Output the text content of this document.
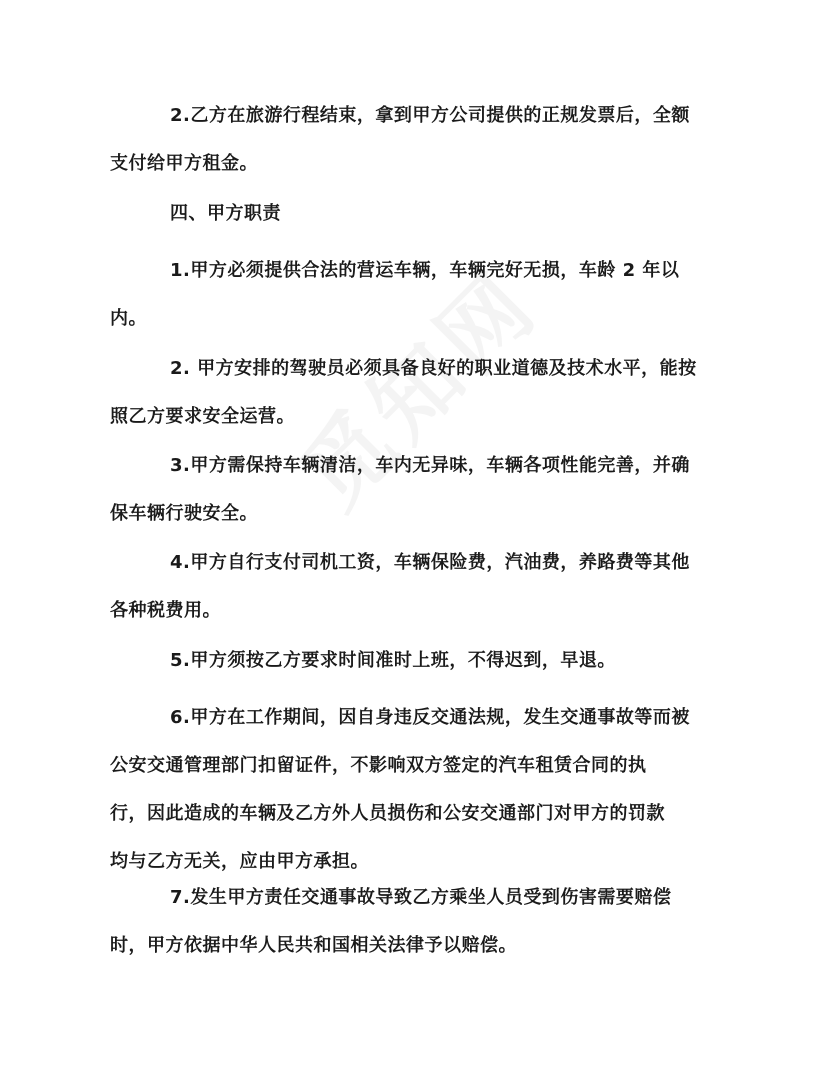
2.乙方在旅游行程结束，拿到甲方公司提供的正规发票后，全额
支付给甲方租金。

四、甲方职责

1.甲方必须提供合法的营运车辆，车辆完好无损，车龄 2 年以
内。

2. 甲方安排的驾驶员必须具备良好的职业道德及技术水平，能按
照乙方要求安全运营。

3.甲方需保持车辆清洁，车内无异味，车辆各项性能完善，并确
保车辆行驶安全。

4.甲方自行支付司机工资，车辆保险费，汽油费，养路费等其他
各种税费用。

5.甲方须按乙方要求时间准时上班，不得迟到，早退。

6.甲方在工作期间，因自身违反交通法规，发生交通事故等而被
公安交通管理部门扣留证件，不影响双方签定的汽车租赁合同的执
行，因此造成的车辆及乙方外人员损伤和公安交通部门对甲方的罚款
均与乙方无关，应由甲方承担。

7.发生甲方责任交通事故导致乙方乘坐人员受到伤害需要赔偿
时，甲方依据中华人民共和国相关法律予以赔偿。
